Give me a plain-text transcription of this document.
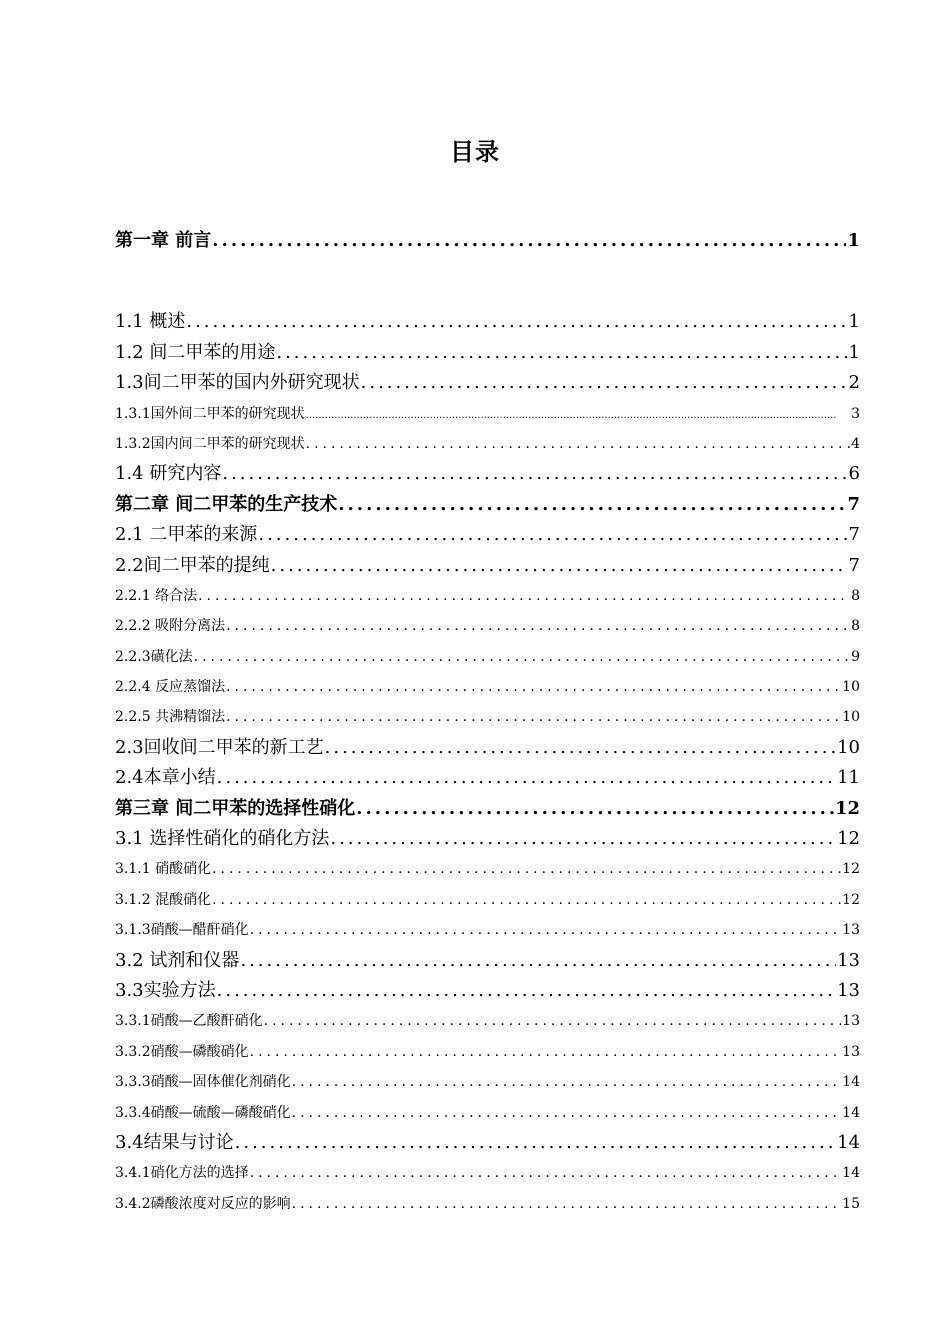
目录
第一章 前言 .....	1
1.1 概述 .....	1
1.2 间二甲苯的用途 .....	1
1.3间二甲苯的国内外研究现状 .....	2
1.3.1国外间二甲苯的研究现状 .....	3
1.3.2国内间二甲苯的研究现状 .....	4
1.4 研究内容 .....	6
第二章 间二甲苯的生产技术 .....	7
2.1 二甲苯的来源 .....	7
2.2间二甲苯的提纯 .....	7
2.2.1 络合法 .....	8
2.2.2 吸附分离法 .....	8
2.2.3磺化法 .....	9
2.2.4 反应蒸馏法 .....	10
2.2.5 共沸精馏法 .....	10
2.3回收间二甲苯的新工艺 .....	10
2.4本章小结 .....	11
第三章 间二甲苯的选择性硝化 .....	12
3.1 选择性硝化的硝化方法 .....	12
3.1.1 硝酸硝化 .....	12
3.1.2 混酸硝化 .....	12
3.1.3硝酸—醋酐硝化 .....	13
3.2 试剂和仪器 .....	13
3.3实验方法 .....	13
3.3.1硝酸—乙酸酐硝化 .....	13
3.3.2硝酸—磷酸硝化 .....	13
3.3.3硝酸—固体催化剂硝化 .....	14
3.3.4硝酸—硫酸—磷酸硝化 .....	14
3.4结果与讨论 .....	14
3.4.1硝化方法的选择 .....	14
3.4.2磷酸浓度对反应的影响 .....	15
